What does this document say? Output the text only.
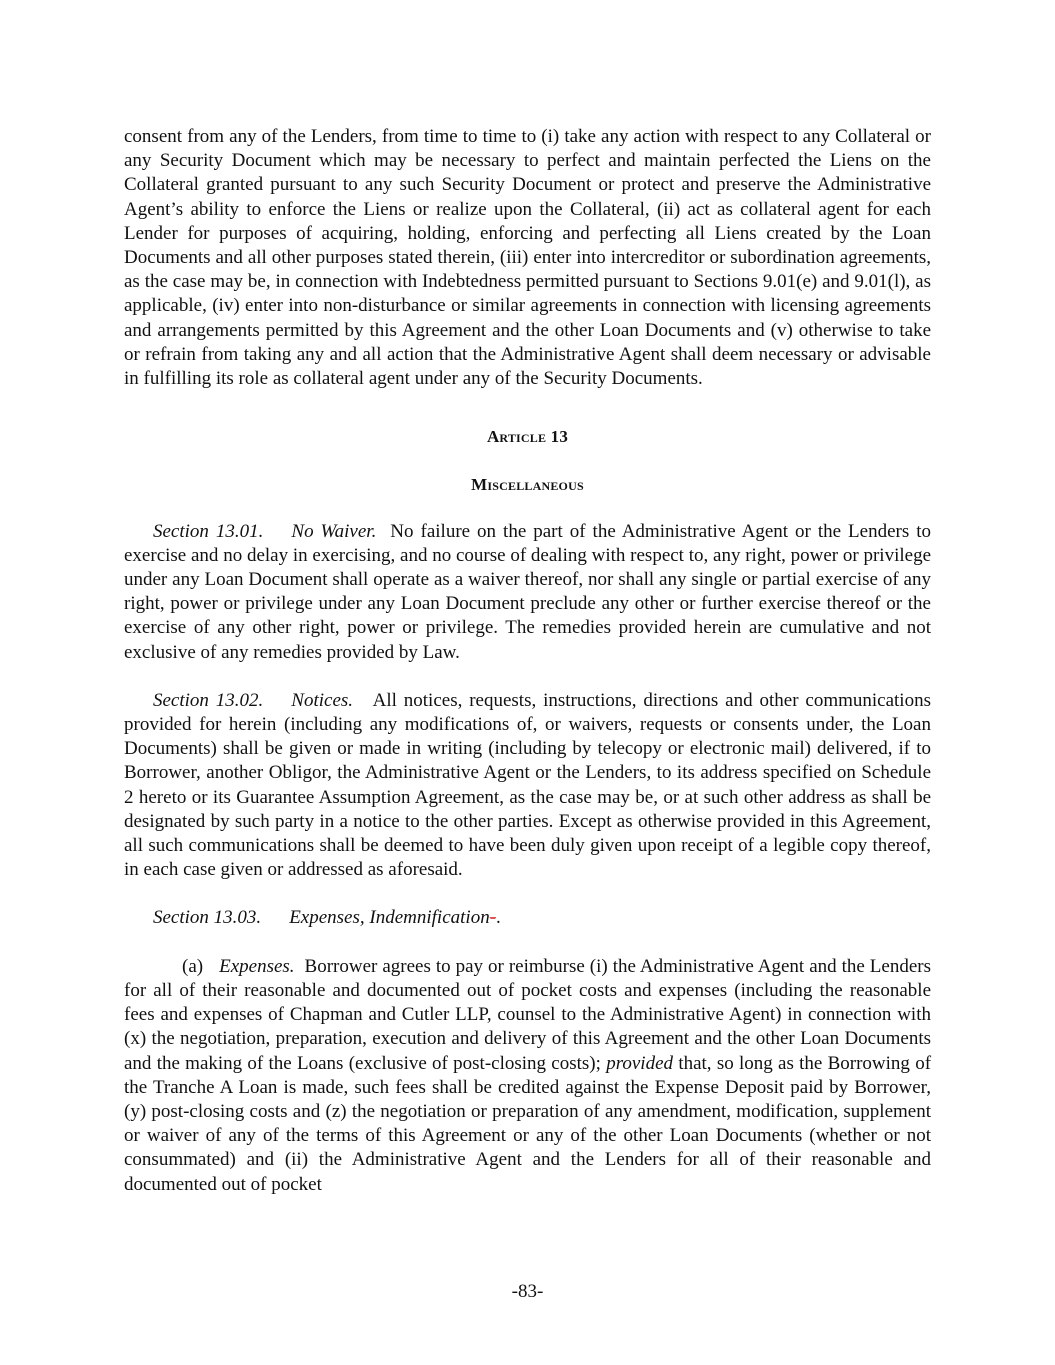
consent from any of the Lenders, from time to time to (i) take any action with respect to any Collateral or any Security Document which may be necessary to perfect and maintain perfected the Liens on the Collateral granted pursuant to any such Security Document or protect and preserve the Administrative Agent’s ability to enforce the Liens or realize upon the Collateral, (ii) act as collateral agent for each Lender for purposes of acquiring, holding, enforcing and perfecting all Liens created by the Loan Documents and all other purposes stated therein, (iii) enter into intercreditor or subordination agreements, as the case may be, in connection with Indebtedness permitted pursuant to Sections 9.01(e) and 9.01(l), as applicable, (iv) enter into non-disturbance or similar agreements in connection with licensing agreements and arrangements permitted by this Agreement and the other Loan Documents and (v) otherwise to take or refrain from taking any and all action that the Administrative Agent shall deem necessary or advisable in fulfilling its role as collateral agent under any of the Security Documents.

Article 13
Miscellaneous

Section 13.01. No Waiver. No failure on the part of the Administrative Agent or the Lenders to exercise and no delay in exercising, and no course of dealing with respect to, any right, power or privilege under any Loan Document shall operate as a waiver thereof, nor shall any single or partial exercise of any right, power or privilege under any Loan Document preclude any other or further exercise thereof or the exercise of any other right, power or privilege. The remedies provided herein are cumulative and not exclusive of any remedies provided by Law.

Section 13.02. Notices. All notices, requests, instructions, directions and other communications provided for herein (including any modifications of, or waivers, requests or consents under, the Loan Documents) shall be given or made in writing (including by telecopy or electronic mail) delivered, if to Borrower, another Obligor, the Administrative Agent or the Lenders, to its address specified on Schedule 2 hereto or its Guarantee Assumption Agreement, as the case may be, or at such other address as shall be designated by such party in a notice to the other parties. Except as otherwise provided in this Agreement, all such communications shall be deemed to have been duly given upon receipt of a legible copy thereof, in each case given or addressed as aforesaid.

Section 13.03. Expenses, Indemnification-.

(a) Expenses. Borrower agrees to pay or reimburse (i) the Administrative Agent and the Lenders for all of their reasonable and documented out of pocket costs and expenses (including the reasonable fees and expenses of Chapman and Cutler LLP, counsel to the Administrative Agent) in connection with (x) the negotiation, preparation, execution and delivery of this Agreement and the other Loan Documents and the making of the Loans (exclusive of post-closing costs); provided that, so long as the Borrowing of the Tranche A Loan is made, such fees shall be credited against the Expense Deposit paid by Borrower, (y) post-closing costs and (z) the negotiation or preparation of any amendment, modification, supplement or waiver of any of the terms of this Agreement or any of the other Loan Documents (whether or not consummated) and (ii) the Administrative Agent and the Lenders for all of their reasonable and documented out of pocket

-83-
